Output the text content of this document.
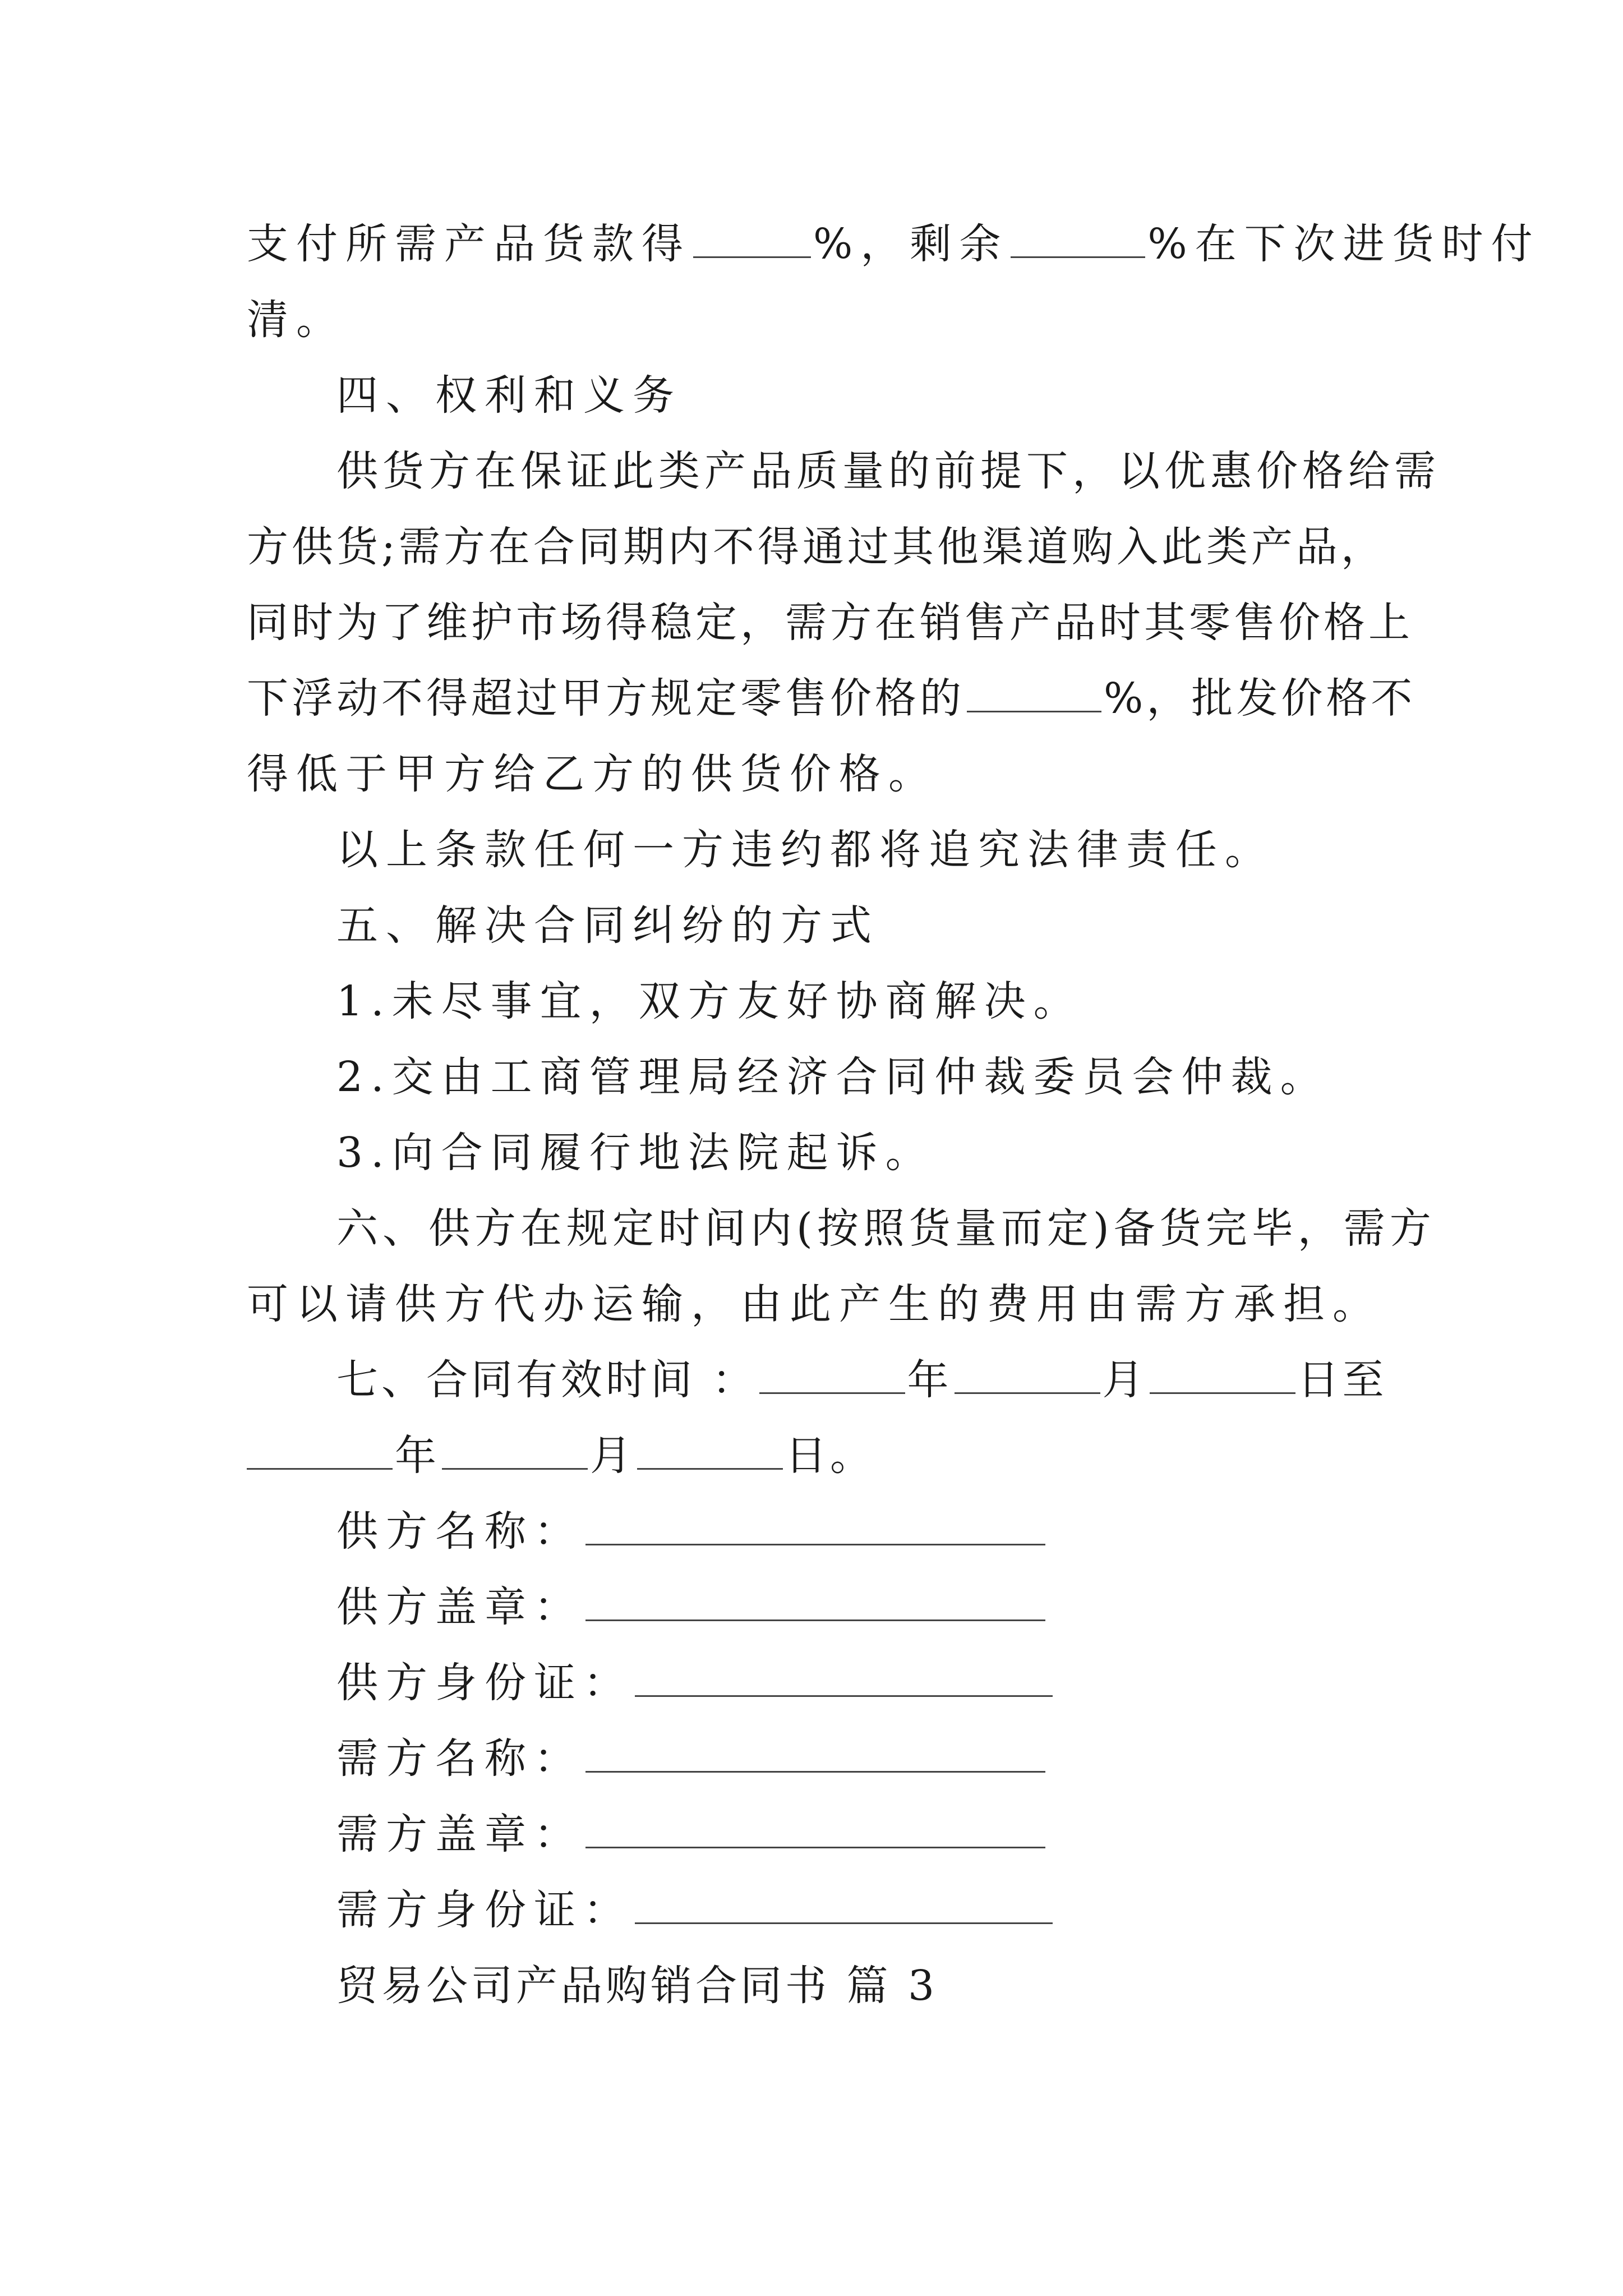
支付所需产品货款得	%，剩余	%在下次进货时付
清。
四、权利和义务
供货方在保证此类产品质量的前提下，以优惠价格给需
方供货;需方在合同期内不得通过其他渠道购入此类产品，
同时为了维护市场得稳定，需方在销售产品时其零售价格上
下浮动不得超过甲方规定零售价格的	%，批发价格不
得低于甲方给乙方的供货价格。
以上条款任何一方违约都将追究法律责任。
五、解决合同纠纷的方式
1.未尽事宜，双方友好协商解决。
2.交由工商管理局经济合同仲裁委员会仲裁。
3.向合同履行地法院起诉。
六、供方在规定时间内(按照货量而定)备货完毕，需方
可以请供方代办运输，由此产生的费用由需方承担。
七、合同有效时间 ：	年	月	日至
年	月	日。
供方名称：
供方盖章：
供方身份证：
需方名称：
需方盖章：
需方身份证：
贸易公司产品购销合同书 篇 3
